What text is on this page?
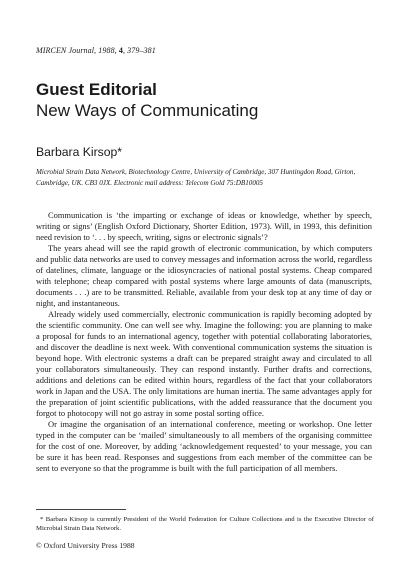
MIRCEN Journal, 1988, 4, 379–381
Guest Editorial
New Ways of Communicating
Barbara Kirsop*
Microbial Strain Data Network, Biotechnology Centre, University of Cambridge, 307 Huntingdon Road, Girton, Cambridge, UK. CB3 0JX. Electronic mail address: Telecom Gold 75:DB10005

Communication is ‘the imparting or exchange of ideas or knowledge, whether by speech, writing or signs’ (English Oxford Dictionary, Shorter Edition, 1973). Will, in 1993, this definition need revision to ‘. . . by speech, writing, signs or electronic signals’?

The years ahead will see the rapid growth of electronic communication, by which computers and public data networks are used to convey messages and information across the world, regardless of datelines, climate, language or the idiosyncracies of national postal systems. Cheap compared with telephone; cheap compared with postal systems where large amounts of data (manuscripts, documents . . .) are to be transmitted. Reliable, available from your desk top at any time of day or night, and instantaneous.

Already widely used commercially, electronic communication is rapidly becoming adopted by the scientific community. One can well see why. Imagine the following: you are planning to make a proposal for funds to an international agency, together with potential collaborating laboratories, and discover the deadline is next week. With conventional communication systems the situation is beyond hope. With electronic systems a draft can be prepared straight away and circulated to all your collaborators simultaneously. They can respond instantly. Further drafts and corrections, additions and deletions can be edited within hours, regardless of the fact that your collaborators work in Japan and the USA. The only limitations are human inertia. The same advantages apply for the preparation of joint scientific publications, with the added reassurance that the document you forgot to photocopy will not go astray in some postal sorting office.

Or imagine the organisation of an international conference, meeting or workshop. One letter typed in the computer can be ‘mailed’ simultaneously to all members of the organising committee for the cost of one. Moreover, by adding ‘acknowledgement requested’ to your message, you can be sure it has been read. Responses and suggestions from each member of the committee can be sent to everyone so that the programme is built with the full participation of all members.

* Barbara Kirsop is currently President of the World Federation for Culture Collections and is the Executive Director of Microbial Strain Data Network.
© Oxford University Press 1988
